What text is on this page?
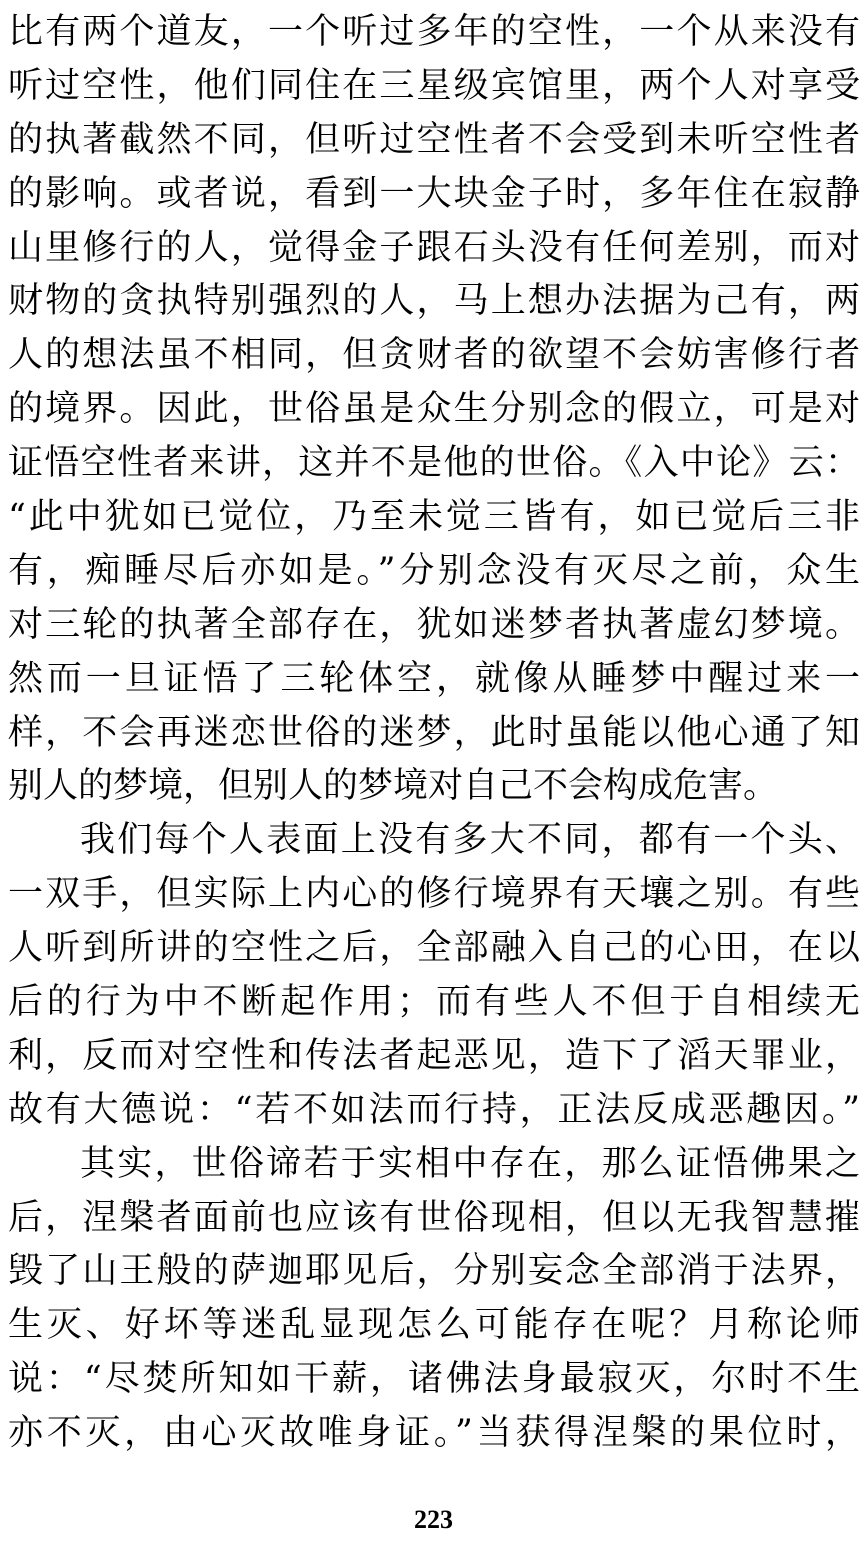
比有两个道友，一个听过多年的空性，一个从来没有
听过空性，他们同住在三星级宾馆里，两个人对享受
的执著截然不同，但听过空性者不会受到未听空性者
的影响。或者说，看到一大块金子时，多年住在寂静
山里修行的人，觉得金子跟石头没有任何差别，而对
财物的贪执特别强烈的人，马上想办法据为己有，两
人的想法虽不相同，但贪财者的欲望不会妨害修行者
的境界。因此，世俗虽是众生分别念的假立，可是对
证悟空性者来讲，这并不是他的世俗。《入中论》云：
“此中犹如已觉位，乃至未觉三皆有，如已觉后三非
有，痴睡尽后亦如是。”分别念没有灭尽之前，众生
对三轮的执著全部存在，犹如迷梦者执著虚幻梦境。
然而一旦证悟了三轮体空，就像从睡梦中醒过来一
样，不会再迷恋世俗的迷梦，此时虽能以他心通了知
别人的梦境，但别人的梦境对自己不会构成危害。
我们每个人表面上没有多大不同，都有一个头、
一双手，但实际上内心的修行境界有天壤之别。有些
人听到所讲的空性之后，全部融入自己的心田，在以
后的行为中不断起作用；而有些人不但于自相续无
利，反而对空性和传法者起恶见，造下了滔天罪业，
故有大德说：“若不如法而行持，正法反成恶趣因。”
其实，世俗谛若于实相中存在，那么证悟佛果之
后，涅槃者面前也应该有世俗现相，但以无我智慧摧
毁了山王般的萨迦耶见后，分别妄念全部消于法界，
生灭、好坏等迷乱显现怎么可能存在呢？月称论师
说：“尽焚所知如干薪，诸佛法身最寂灭，尔时不生
亦不灭，由心灭故唯身证。”当获得涅槃的果位时，
223
